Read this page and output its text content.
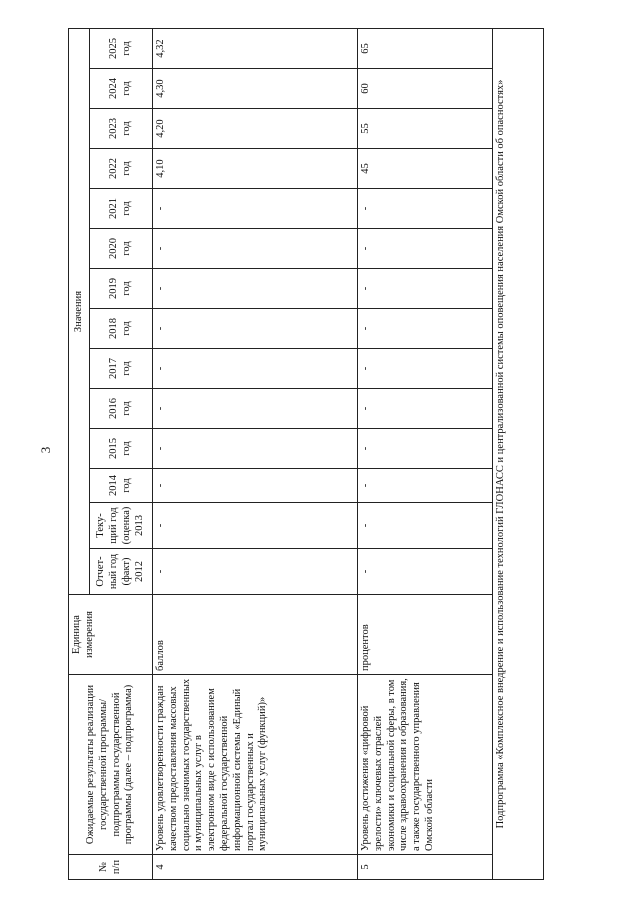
3
№ п/п	Ожидаемые результаты реализации государственной программы/подпрограммы государственной программы (далее – подпрограмма)	Единица измерения	Значения													
			Отчет-ный год (факт) 2012	Теку-щий год (оценка) 2013	2014 год	2015 год	2016 год	2017 год	2018 год	2019 год	2020 год	2021 год	2022 год	2023 год	2024 год	2025 год
4	Уровень удовлетворенности граждан качеством предоставления массовых социально значимых государственных и муниципальных услуг в электронном виде с использованием федеральной государственной информационной системы «Единый портал государственных и муниципальных услуг (функций)»	баллов	-	-	-	-	-	-	-	-	-	-	4,10	4,20	4,30	4,32
5	Уровень достижения «цифровой зрелости» ключевых отраслей экономики и социальной сферы, в том числе здравоохранения и образования, а также государственного управления Омской области	процентов	-	-	-	-	-	-	-	-	-	-	45	55	60	65
Подпрограмма «Комплексное внедрение и использование технологий ГЛОНАСС и централизованной системы оповещения населения Омской области об опасностях»																
